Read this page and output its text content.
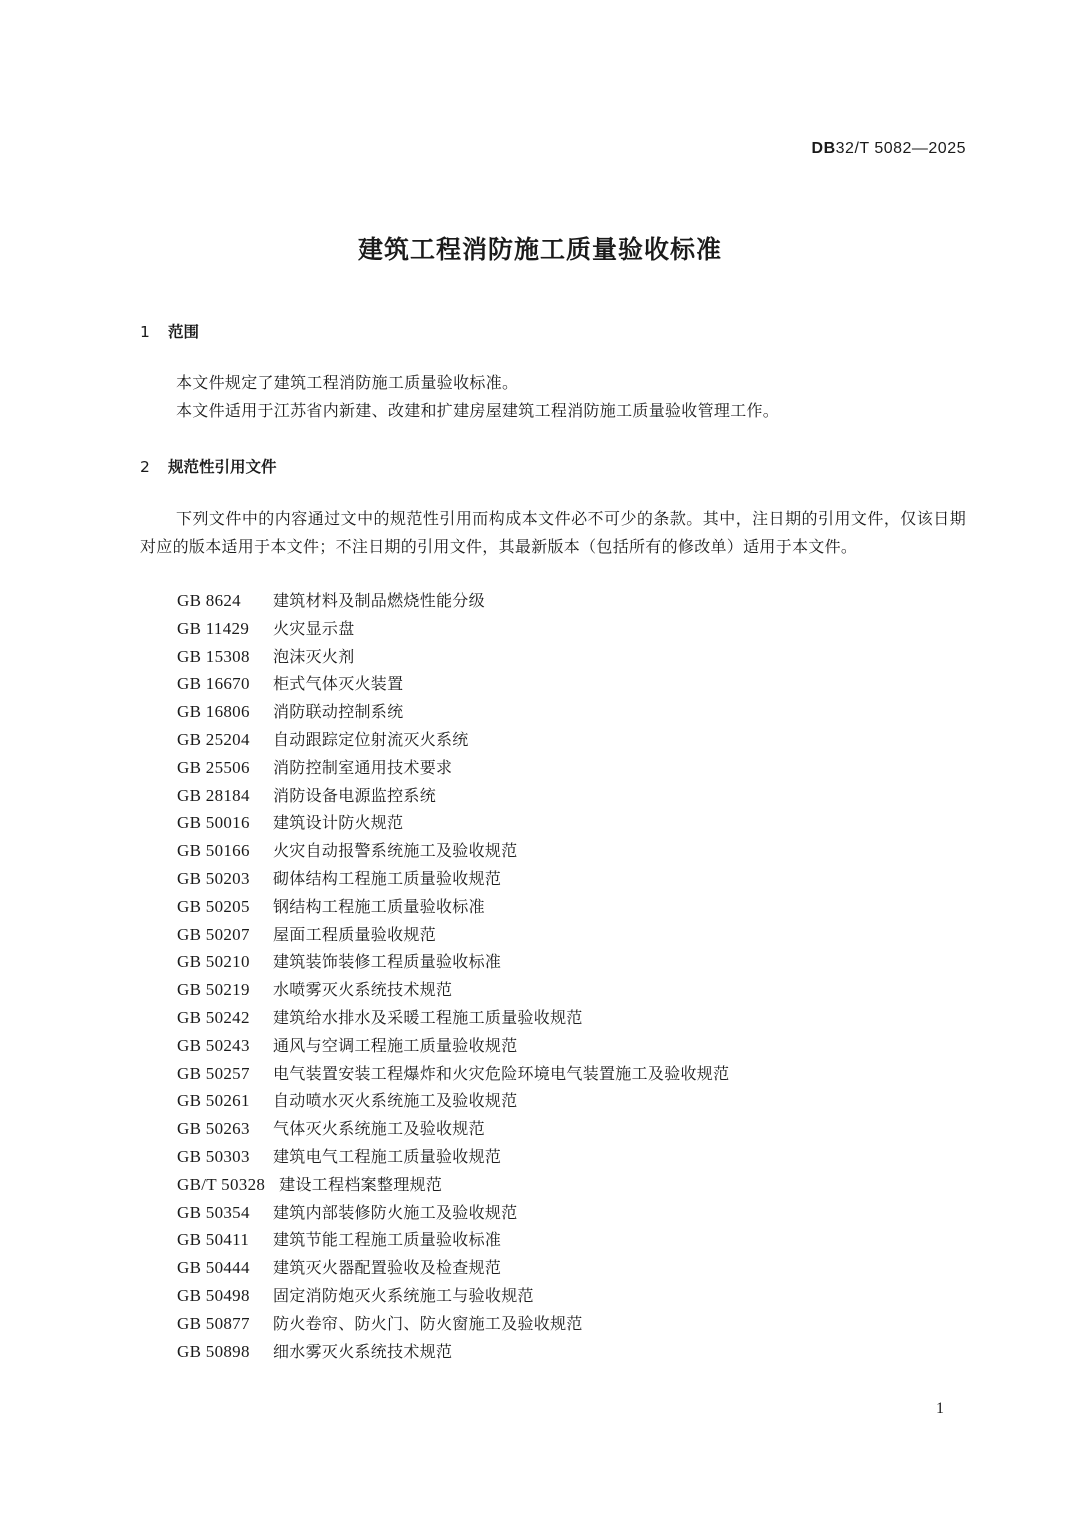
DB32/T 5082—2025
建筑工程消防施工质量验收标准
1 范围
本文件规定了建筑工程消防施工质量验收标准。
本文件适用于江苏省内新建、改建和扩建房屋建筑工程消防施工质量验收管理工作。
2 规范性引用文件
下列文件中的内容通过文中的规范性引用而构成本文件必不可少的条款。其中，注日期的引用文件，仅该日期对应的版本适用于本文件；不注日期的引用文件，其最新版本（包括所有的修改单）适用于本文件。
GB 8624 建筑材料及制品燃烧性能分级
GB 11429 火灾显示盘
GB 15308 泡沫灭火剂
GB 16670 柜式气体灭火装置
GB 16806 消防联动控制系统
GB 25204 自动跟踪定位射流灭火系统
GB 25506 消防控制室通用技术要求
GB 28184 消防设备电源监控系统
GB 50016 建筑设计防火规范
GB 50166 火灾自动报警系统施工及验收规范
GB 50203 砌体结构工程施工质量验收规范
GB 50205 钢结构工程施工质量验收标准
GB 50207 屋面工程质量验收规范
GB 50210 建筑装饰装修工程质量验收标准
GB 50219 水喷雾灭火系统技术规范
GB 50242 建筑给水排水及采暖工程施工质量验收规范
GB 50243 通风与空调工程施工质量验收规范
GB 50257 电气装置安装工程爆炸和火灾危险环境电气装置施工及验收规范
GB 50261 自动喷水灭火系统施工及验收规范
GB 50263 气体灭火系统施工及验收规范
GB 50303 建筑电气工程施工质量验收规范
GB/T 50328 建设工程档案整理规范
GB 50354 建筑内部装修防火施工及验收规范
GB 50411 建筑节能工程施工质量验收标准
GB 50444 建筑灭火器配置验收及检查规范
GB 50498 固定消防炮灭火系统施工与验收规范
GB 50877 防火卷帘、防火门、防火窗施工及验收规范
GB 50898 细水雾灭火系统技术规范
1
